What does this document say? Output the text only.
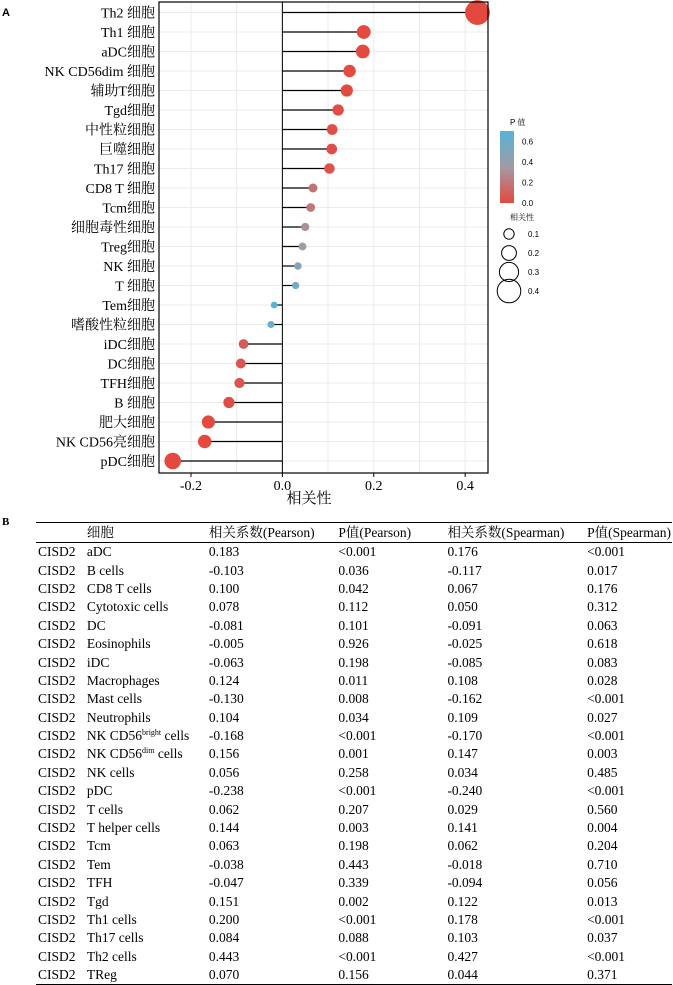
A	Th2 细胞
Th1 细胞
aDC细胞
NK CD56dim 细胞
辅助T细胞
Tgd细胞
中性粒细胞
巨噬细胞
Th17 细胞
CD8 T 细胞
Tcm细胞
细胞毒性细胞
Treg细胞
NK 细胞
T 细胞
Tem细胞
嗜酸性粒细胞
iDC细胞
DC细胞
TFH细胞
B 细胞
肥大细胞
NK CD56亮细胞
pDC细胞
-0.2	0.0	0.2	0.4
P 值
0.6
0.4
0.2
0.0
相关性
0.1
0.2
0.3
0.4
相关性
B
	细胞	相关系数(Pearson)	P值(Pearson)	相关系数(Spearman)	P值(Spearman)
CISD2	aDC	0.183	<0.001	0.176	<0.001
CISD2	B cells	-0.103	0.036	-0.117	0.017
CISD2	CD8 T cells	0.100	0.042	0.067	0.176
CISD2	Cytotoxic cells	0.078	0.112	0.050	0.312
CISD2	DC	-0.081	0.101	-0.091	0.063
CISD2	Eosinophils	-0.005	0.926	-0.025	0.618
CISD2	iDC	-0.063	0.198	-0.085	0.083
CISD2	Macrophages	0.124	0.011	0.108	0.028
CISD2	Mast cells	-0.130	0.008	-0.162	<0.001
CISD2	Neutrophils	0.104	0.034	0.109	0.027
CISD2	NK $CD56^{bright}$ cells	-0.168	<0.001	-0.170	<0.001
CISD2	NK $CD56^{dim}$ cells	0.156	0.001	0.147	0.003
CISD2	NK cells	0.056	0.258	0.034	0.485
CISD2	pDC	-0.238	<0.001	-0.240	<0.001
CISD2	T cells	0.062	0.207	0.029	0.560
CISD2	T helper cells	0.144	0.003	0.141	0.004
CISD2	Tcm	0.063	0.198	0.062	0.204
CISD2	Tem	-0.038	0.443	-0.018	0.710
CISD2	TFH	-0.047	0.339	-0.094	0.056
CISD2	Tgd	0.151	0.002	0.122	0.013
CISD2	Th1 cells	0.200	<0.001	0.178	<0.001
CISD2	Th17 cells	0.084	0.088	0.103	0.037
CISD2	Th2 cells	0.443	<0.001	0.427	<0.001
CISD2	TReg	0.070	0.156	0.044	0.371
